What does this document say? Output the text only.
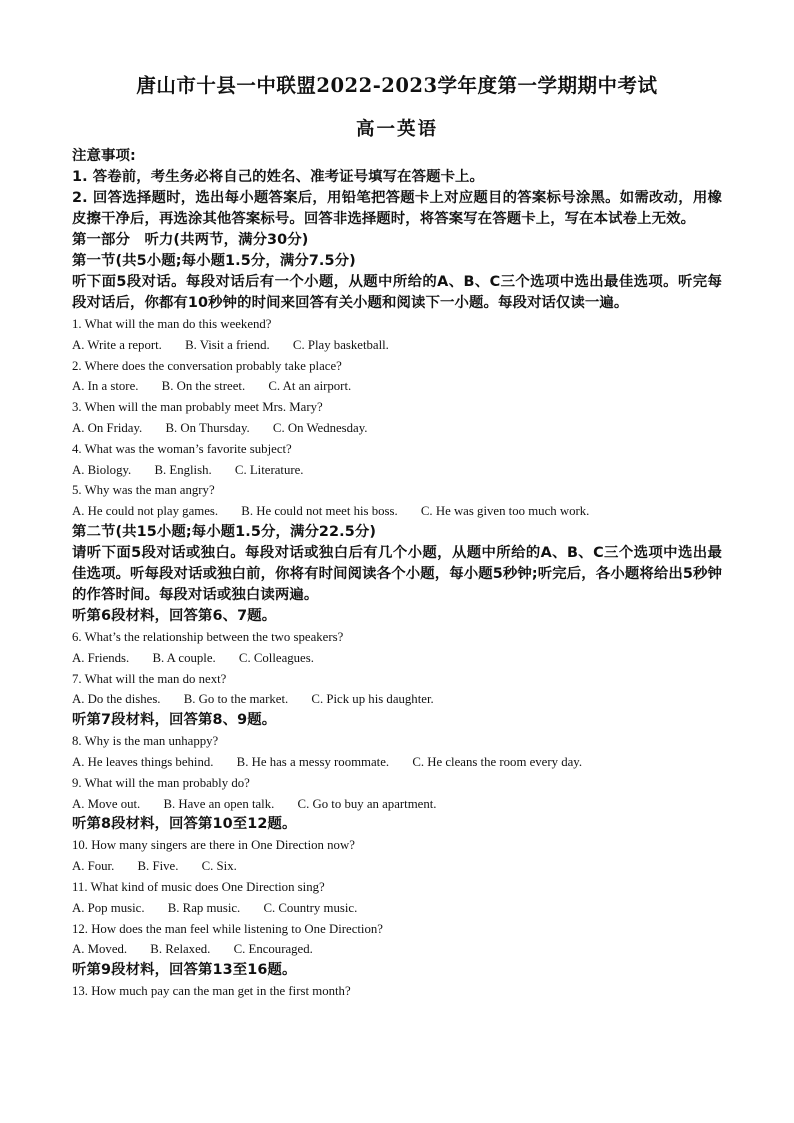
唐山市十县一中联盟2022-2023学年度第一学期期中考试
高一英语
注意事项:
1. 答卷前，考生务必将自己的姓名、准考证号填写在答题卡上。
2. 回答选择题时，选出每小题答案后，用铅笔把答题卡上对应题目的答案标号涂黑。如需改动，用橡皮擦干净后，再选涂其他答案标号。回答非选择题时，将答案写在答题卡上，写在本试卷上无效。
第一部分　听力(共两节，满分30分)
第一节(共5小题;每小题1.5分，满分7.5分)
听下面5段对话。每段对话后有一个小题，从题中所给的A、B、C三个选项中选出最佳选项。听完每段对话后，你都有10秒钟的时间来回答有关小题和阅读下一小题。每段对话仅读一遍。
1. What will the man do this weekend?
A. Write a report. B. Visit a friend. C. Play basketball.
2. Where does the conversation probably take place?
A. In a store. B. On the street. C. At an airport.
3. When will the man probably meet Mrs. Mary?
A. On Friday. B. On Thursday. C. On Wednesday.
4. What was the woman’s favorite subject?
A. Biology. B. English. C. Literature.
5. Why was the man angry?
A. He could not play games. B. He could not meet his boss. C. He was given too much work.
第二节(共15小题;每小题1.5分，满分22.5分)
请听下面5段对话或独白。每段对话或独白后有几个小题，从题中所给的A、B、C三个选项中选出最佳选项。听每段对话或独白前，你将有时间阅读各个小题，每小题5秒钟;听完后，各小题将给出5秒钟的作答时间。每段对话或独白读两遍。
听第6段材料，回答第6、7题。
6. What’s the relationship between the two speakers?
A. Friends. B. A couple. C. Colleagues.
7. What will the man do next?
A. Do the dishes. B. Go to the market. C. Pick up his daughter.
听第7段材料，回答第8、9题。
8. Why is the man unhappy?
A. He leaves things behind. B. He has a messy roommate. C. He cleans the room every day.
9. What will the man probably do?
A. Move out. B. Have an open talk. C. Go to buy an apartment.
听第8段材料，回答第10至12题。
10. How many singers are there in One Direction now?
A. Four. B. Five. C. Six.
11. What kind of music does One Direction sing?
A. Pop music. B. Rap music. C. Country music.
12. How does the man feel while listening to One Direction?
A. Moved. B. Relaxed. C. Encouraged.
听第9段材料，回答第13至16题。
13. How much pay can the man get in the first month?
